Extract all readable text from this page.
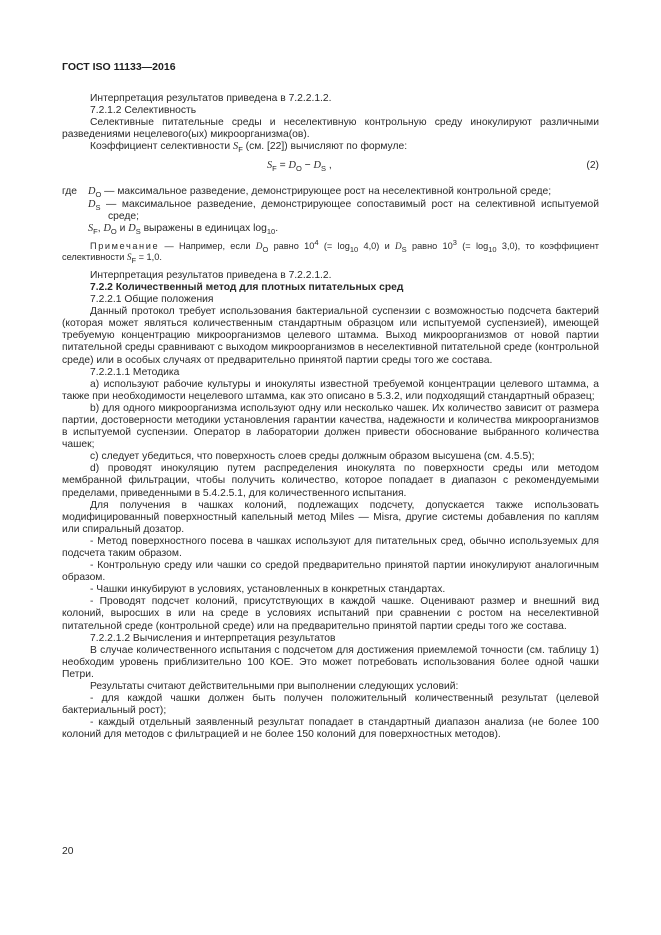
ГОСТ ISO 11133—2016

Интерпретация результатов приведена в 7.2.2.1.2.

7.2.1.2 Селективность

Селективные питательные среды и неселективную контрольную среду инокулируют различными разведениями нецелевого(ых) микроорганизма(ов).

Коэффициент селективности $S_F$ (см. [22]) вычисляют по формуле:

$S_F = D_O - D_S$ ,	(2)
где $D_O$ — максимальное разведение, демонстрирующее рост на неселективной контрольной среде;

$D_S$ — максимальное разведение, демонстрирующее сопоставимый рост на селективной испытуемой среде;

$S_F$, $D_O$ и $D_S$ выражены в единицах $\log_{10}$.

Примечание — Например, если $D_O$ равно $10^4$ (= $\log_{10} 4,0$) и $D_S$ равно $10^3$ (= $\log_{10} 3,0$), то коэффициент селективности $S_F = 1,0$.

Интерпретация результатов приведена в 7.2.2.1.2.

7.2.2 Количественный метод для плотных питательных сред

7.2.2.1 Общие положения

Данный протокол требует использования бактериальной суспензии с возможностью подсчета бактерий (которая может являться количественным стандартным образцом или испытуемой суспензией), имеющей требуемую концентрацию микроорганизмов целевого штамма. Выход микроорганизмов от новой партии питательной среды сравнивают с выходом микроорганизмов в неселективной питательной среде (контрольной среде) или в особых случаях от предварительно принятой партии среды того же состава.

7.2.2.1.1 Методика

a) используют рабочие культуры и инокуляты известной требуемой концентрации целевого штамма, а также при необходимости нецелевого штамма, как это описано в 5.3.2, или подходящий стандартный образец;

b) для одного микроорганизма используют одну или несколько чашек. Их количество зависит от размера партии, достоверности методики установления гарантии качества, надежности и количества микроорганизмов в испытуемой суспензии. Оператор в лаборатории должен привести обоснование выбранного количества чашек;

c) следует убедиться, что поверхность слоев среды должным образом высушена (см. 4.5.5);

d) проводят инокуляцию путем распределения инокулята по поверхности среды или методом мембранной фильтрации, чтобы получить количество, которое попадает в диапазон с рекомендуемыми пределами, приведенными в 5.4.2.5.1, для количественного испытания.

Для получения в чашках колоний, подлежащих подсчету, допускается также использовать модифицированный поверхностный капельный метод Miles — Misra, другие системы добавления по каплям или спиральный дозатор.

- Метод поверхностного посева в чашках используют для питательных сред, обычно используемых для подсчета таким образом.

- Контрольную среду или чашки со средой предварительно принятой партии инокулируют аналогичным образом.

- Чашки инкубируют в условиях, установленных в конкретных стандартах.

- Проводят подсчет колоний, присутствующих в каждой чашке. Оценивают размер и внешний вид колоний, выросших в или на среде в условиях испытаний при сравнении с ростом на неселективной питательной среде (контрольной среде) или на предварительно принятой партии среды того же состава.

7.2.2.1.2 Вычисления и интерпретация результатов

В случае количественного испытания с подсчетом для достижения приемлемой точности (см. таблицу 1) необходим уровень приблизительно 100 КОЕ. Это может потребовать использования более одной чашки Петри.

Результаты считают действительными при выполнении следующих условий:

- для каждой чашки должен быть получен положительный количественный результат (целевой бактериальный рост);

- каждый отдельный заявленный результат попадает в стандартный диапазон анализа (не более 100 колоний для методов с фильтрацией и не более 150 колоний для поверхностных методов).

20
